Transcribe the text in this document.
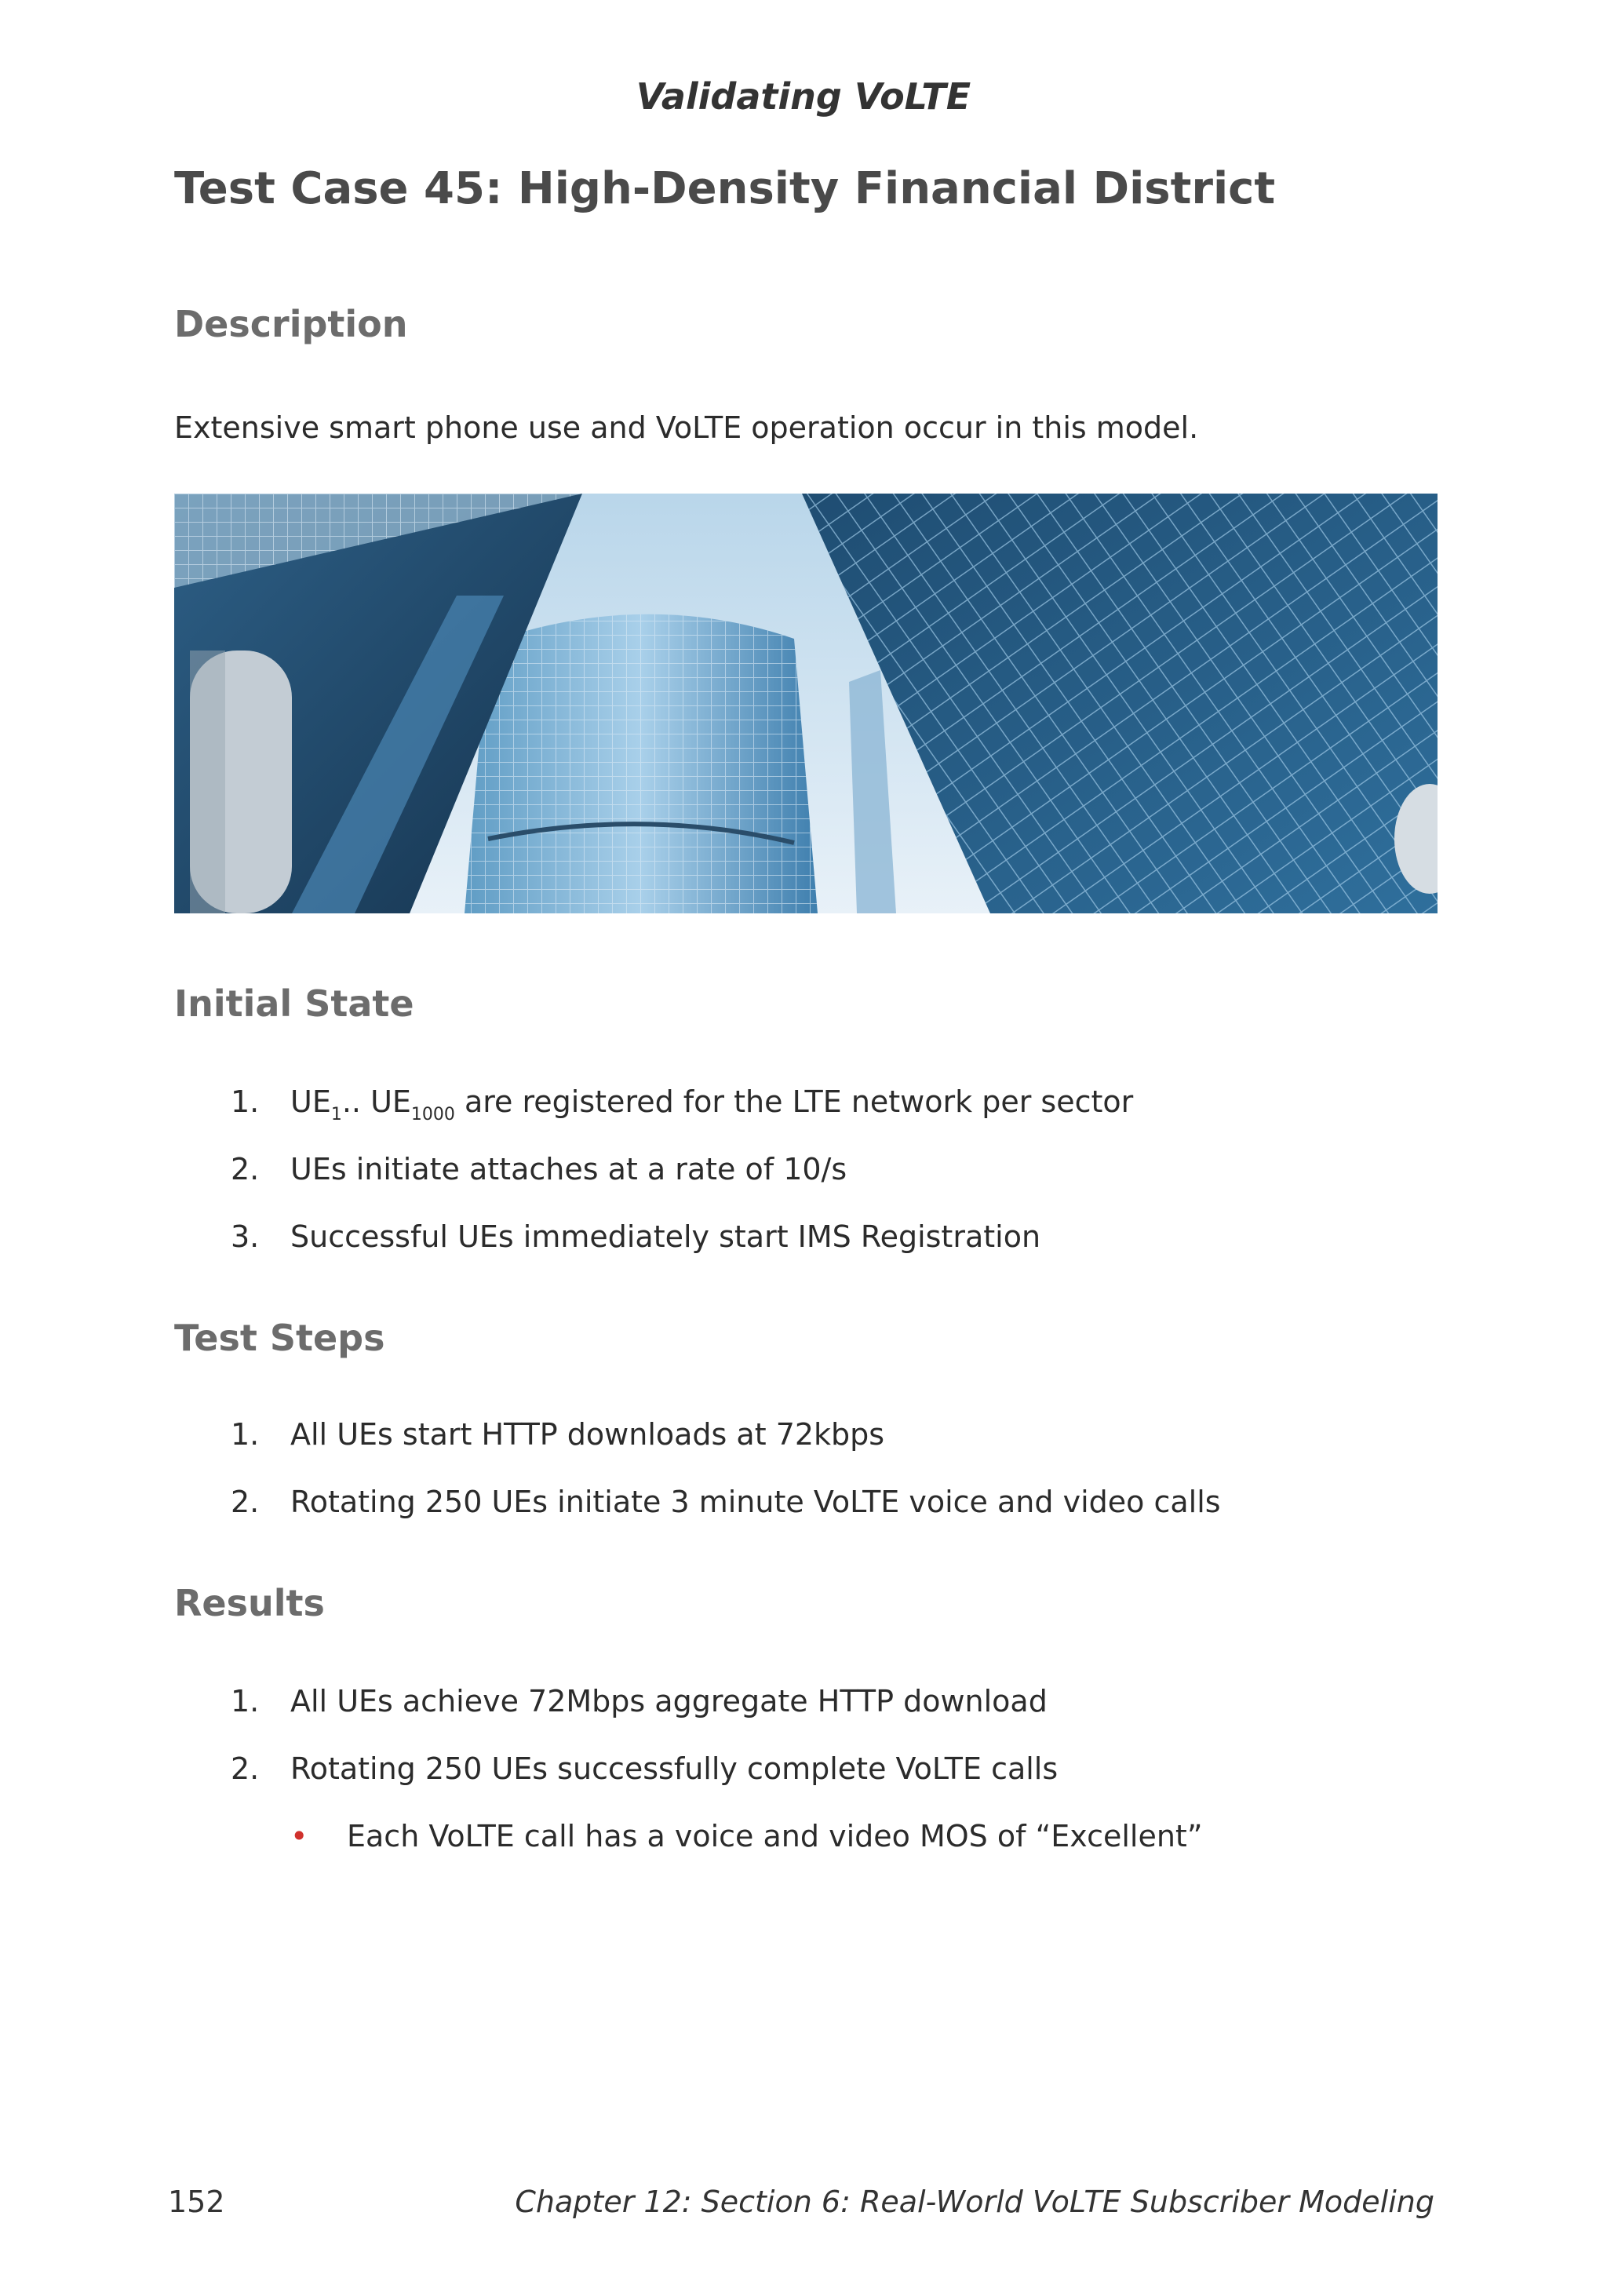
Validating VoLTE
Test Case 45: High-Density Financial District
Description

Extensive smart phone use and VoLTE operation occur in this model.

Initial State
1. $UE_1$.. $UE_{1000}$ are registered for the LTE network per sector
2. UEs initiate attaches at a rate of 10/s
3. Successful UEs immediately start IMS Registration
Test Steps
1. All UEs start HTTP downloads at 72kbps
2. Rotating 250 UEs initiate 3 minute VoLTE voice and video calls
Results
1. All UEs achieve 72Mbps aggregate HTTP download
2. Rotating 250 UEs successfully complete VoLTE calls
• Each VoLTE call has a voice and video MOS of “Excellent”
152	Chapter 12: Section 6: Real-World VoLTE Subscriber Modeling
